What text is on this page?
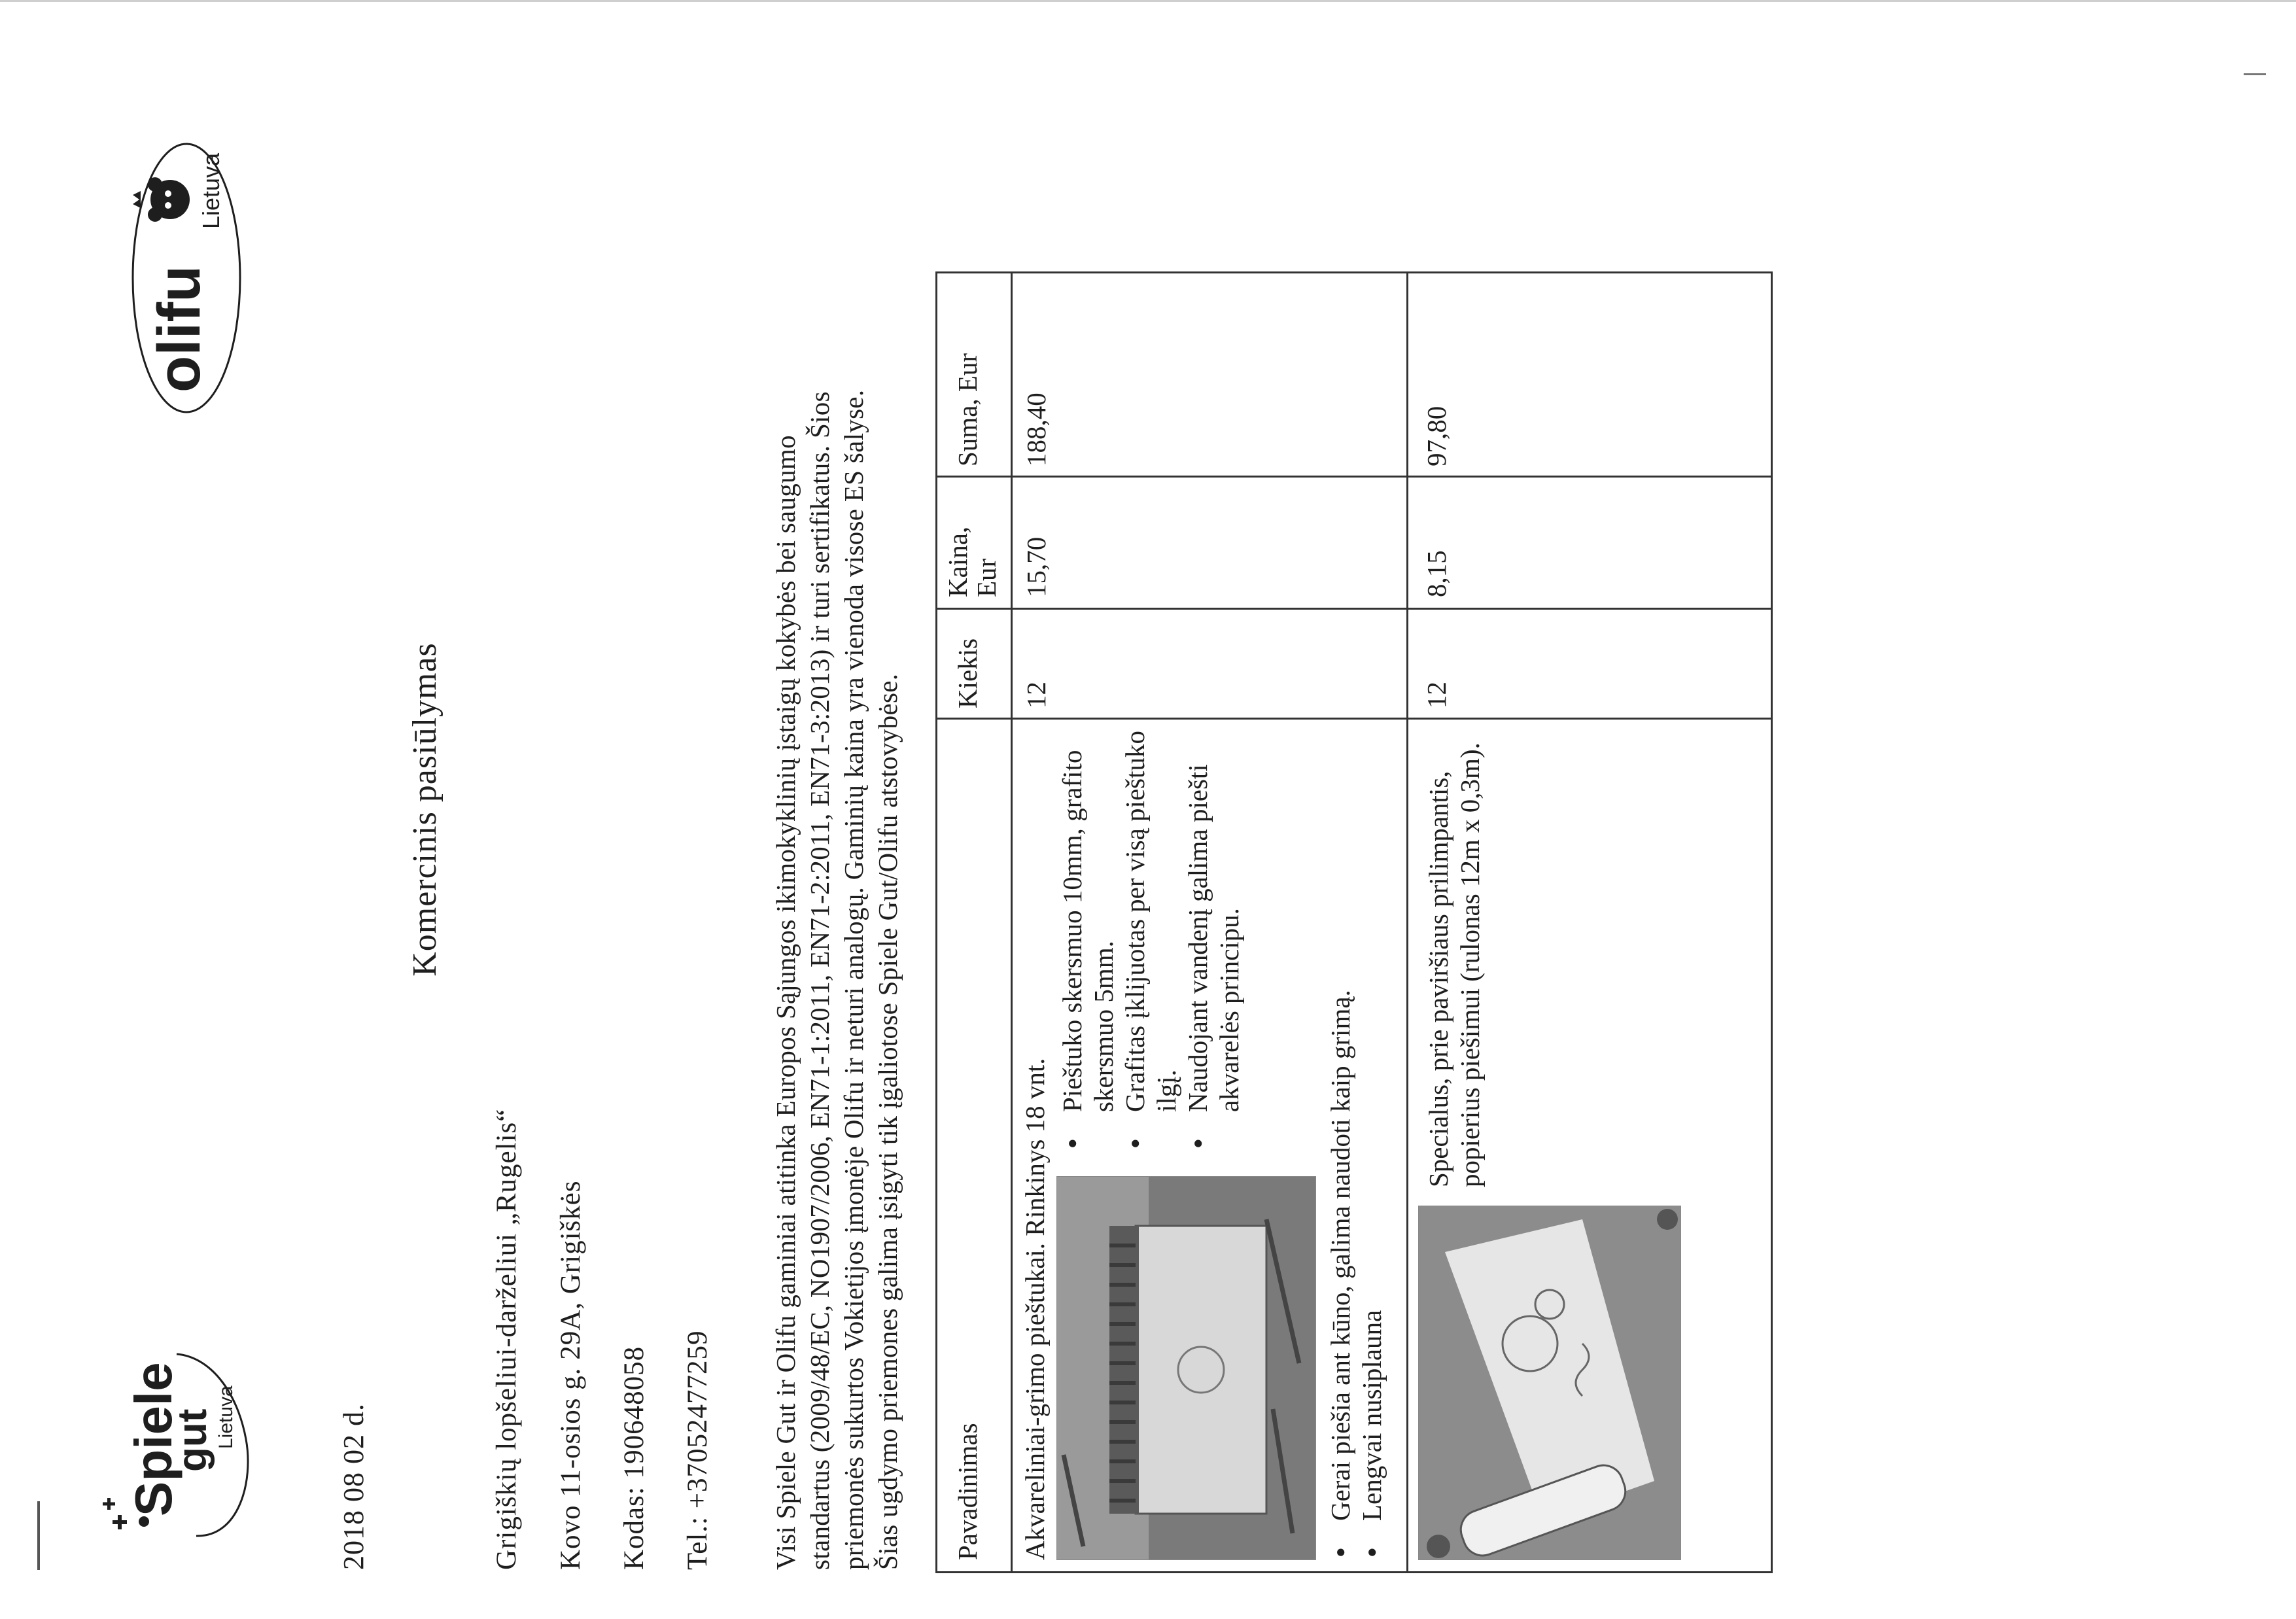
Spiele
gut Lietuva
olifu
Lietuva
2018 08 02 d.
Komercinis pasiūlymas
Grigiškių lopšeliui-darželiui „Rugelis“ Kovo 11-osios g. 29A, Grigiškės Kodas: 190648058 Tel.: +37052477259 Visi Spiele Gut ir Olifu gaminiai atitinka Europos Sąjungos ikimokyklinių įstaigų kokybės bei saugumo standartus (2009/48/EC, NO1907/2006, EN71-1:2011, EN71-2:2011, EN71-3:2013) ir turi sertifikatus. Šios priemonės sukurtos Vokietijos įmonėje Olifu ir neturi analogų. Gaminių kaina yra vienoda visose ES šalyse. Šias ugdymo priemones galima įsigyti tik įgaliotose Spiele Gut/Olifu atstovybėse. Pavadinimas
Kiekis
Kaina, Eur
Suma, Eur
Akvareliniai-grimo pieštukai. Rinkinys 18 vnt.
● Pieštuko skersmuo 10mm, grafito skersmuo 5mm. ● Grafitas įklijuotas per visą pieštuko ilgį. ● Naudojant vandenį galima piešti akvarelės principu.	● Gerai piešia ant kūno, galima naudoti kaip grimą. ● Lengvai nusiplauna
12
15,70
188,40
Specialus, prie paviršiaus prilimpantis, popierius piešimui (rulonas 12m x 0,3m).
12
8,15
97,80
